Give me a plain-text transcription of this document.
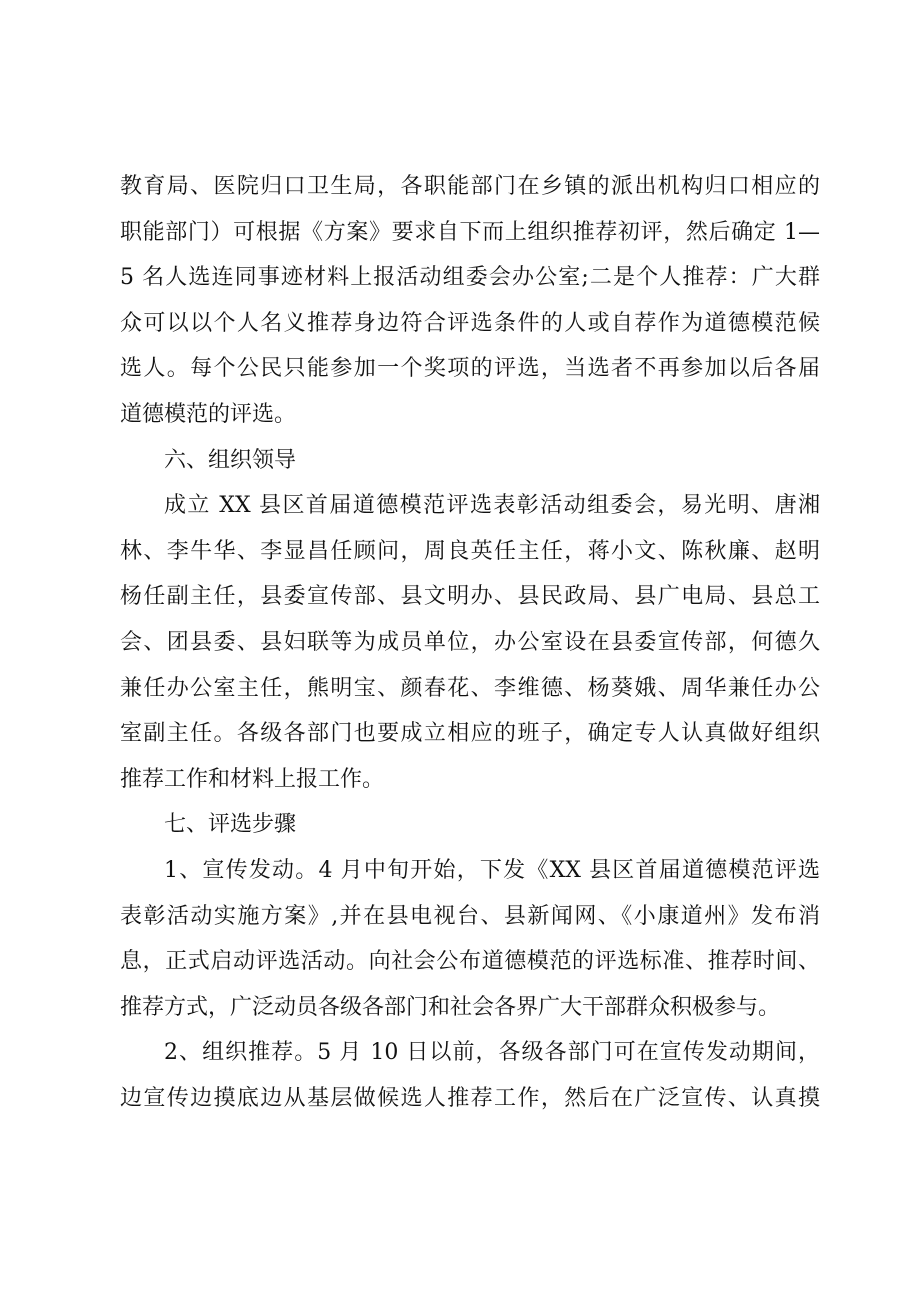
教育局、医院归口卫生局，各职能部门在乡镇的派出机构归口相应的
职能部门）可根据《方案》要求自下而上组织推荐初评，然后确定 1—
5 名人选连同事迹材料上报活动组委会办公室;二是个人推荐：广大群
众可以以个人名义推荐身边符合评选条件的人或自荐作为道德模范候
选人。每个公民只能参加一个奖项的评选，当选者不再参加以后各届
道德模范的评选。
六、组织领导
成立 XX 县区首届道德模范评选表彰活动组委会，易光明、唐湘
林、李牛华、李显昌任顾问，周良英任主任，蒋小文、陈秋廉、赵明
杨任副主任，县委宣传部、县文明办、县民政局、县广电局、县总工
会、团县委、县妇联等为成员单位，办公室设在县委宣传部，何德久
兼任办公室主任，熊明宝、颜春花、李维德、杨葵娥、周华兼任办公
室副主任。各级各部门也要成立相应的班子，确定专人认真做好组织
推荐工作和材料上报工作。
七、评选步骤
1、宣传发动。4 月中旬开始，下发《XX 县区首届道德模范评选
表彰活动实施方案》,并在县电视台、县新闻网、《小康道州》发布消
息，正式启动评选活动。向社会公布道德模范的评选标准、推荐时间、
推荐方式，广泛动员各级各部门和社会各界广大干部群众积极参与。
2、组织推荐。5 月 10 日以前，各级各部门可在宣传发动期间，
边宣传边摸底边从基层做候选人推荐工作，然后在广泛宣传、认真摸
